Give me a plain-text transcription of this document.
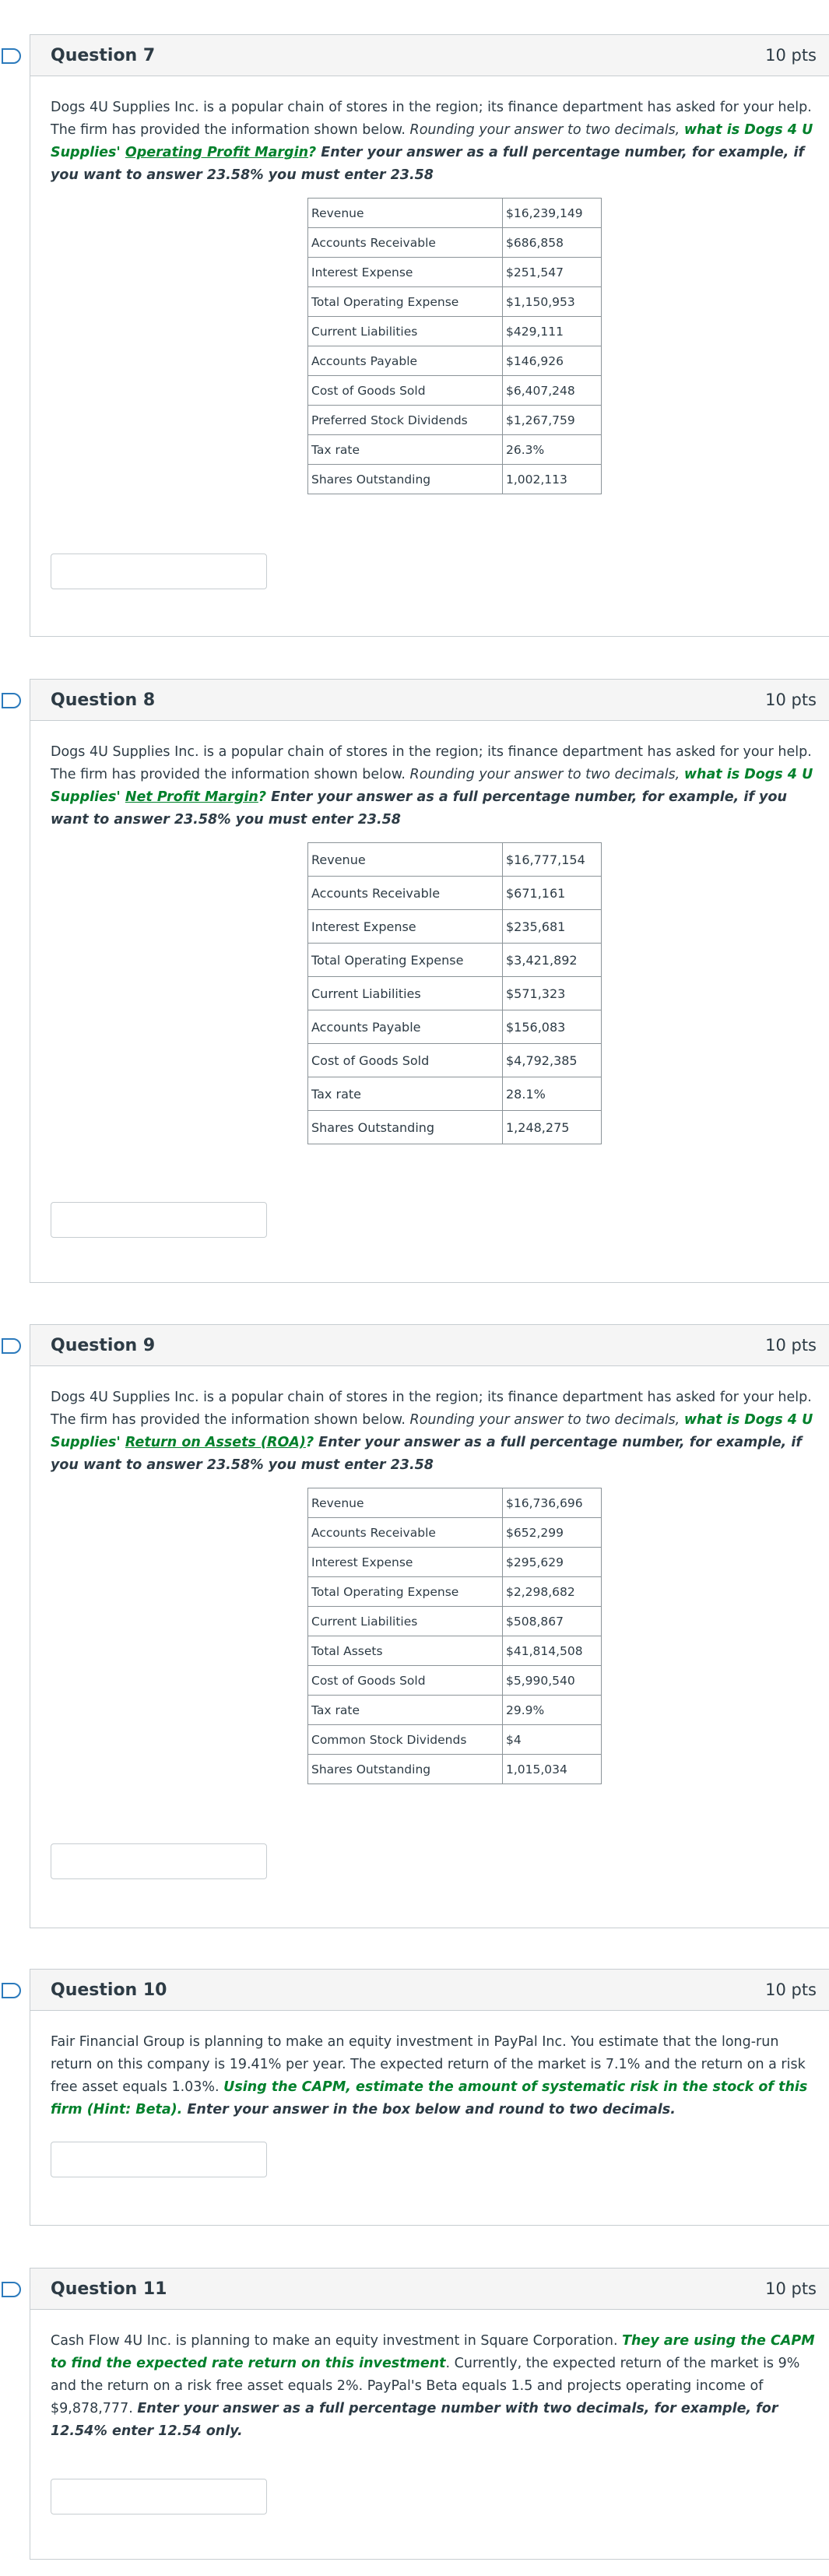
Question 7	10 pts

Dogs 4U Supplies Inc. is a popular chain of stores in the region; its finance department has asked for your help. The firm has provided the information shown below. Rounding your answer to two decimals, what is Dogs 4 U Supplies' Operating Profit Margin? Enter your answer as a full percentage number, for example, if you want to answer 23.58% you must enter 23.58

Revenue	$16,239,149
Accounts Receivable	$686,858
Interest Expense	$251,547
Total Operating Expense	$1,150,953
Current Liabilities	$429,111
Accounts Payable	$146,926
Cost of Goods Sold	$6,407,248
Preferred Stock Dividends	$1,267,759
Tax rate	26.3%
Shares Outstanding	1,002,113
Question 8	10 pts

Dogs 4U Supplies Inc. is a popular chain of stores in the region; its finance department has asked for your help. The firm has provided the information shown below. Rounding your answer to two decimals, what is Dogs 4 U Supplies' Net Profit Margin? Enter your answer as a full percentage number, for example, if you want to answer 23.58% you must enter 23.58

Revenue	$16,777,154
Accounts Receivable	$671,161
Interest Expense	$235,681
Total Operating Expense	$3,421,892
Current Liabilities	$571,323
Accounts Payable	$156,083
Cost of Goods Sold	$4,792,385
Tax rate	28.1%
Shares Outstanding	1,248,275
Question 9	10 pts

Dogs 4U Supplies Inc. is a popular chain of stores in the region; its finance department has asked for your help. The firm has provided the information shown below. Rounding your answer to two decimals, what is Dogs 4 U Supplies' Return on Assets (ROA)? Enter your answer as a full percentage number, for example, if you want to answer 23.58% you must enter 23.58

Revenue	$16,736,696
Accounts Receivable	$652,299
Interest Expense	$295,629
Total Operating Expense	$2,298,682
Current Liabilities	$508,867
Total Assets	$41,814,508
Cost of Goods Sold	$5,990,540
Tax rate	29.9%
Common Stock Dividends	$4
Shares Outstanding	1,015,034
Question 10	10 pts

Fair Financial Group is planning to make an equity investment in PayPal Inc. You estimate that the long-run return on this company is 19.41% per year. The expected return of the market is 7.1% and the return on a risk free asset equals 1.03%. Using the CAPM, estimate the amount of systematic risk in the stock of this firm (Hint: Beta). Enter your answer in the box below and round to two decimals.

Question 11	10 pts

Cash Flow 4U Inc. is planning to make an equity investment in Square Corporation. They are using the CAPM to find the expected rate return on this investment. Currently, the expected return of the market is 9% and the return on a risk free asset equals 2%. PayPal's Beta equals 1.5 and projects operating income of $9,878,777. Enter your answer as a full percentage number with two decimals, for example, for 12.54% enter 12.54 only.
